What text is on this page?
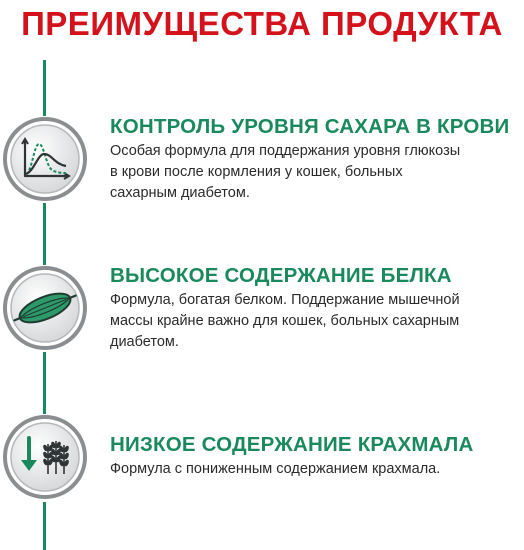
ПРЕИМУЩЕСТВА ПРОДУКТА
КОНТРОЛЬ УРОВНЯ САХАРА В КРОВИ
Особая формула для поддержания уровня глюкозы
в крови после кормления у кошек, больных
сахарным диабетом.
ВЫСОКОЕ СОДЕРЖАНИЕ БЕЛКА
Формула, богатая белком. Поддержание мышечной
массы крайне важно для кошек, больных сахарным
диабетом.
НИЗКОЕ СОДЕРЖАНИЕ КРАХМАЛА
Формула с пониженным содержанием крахмала.
